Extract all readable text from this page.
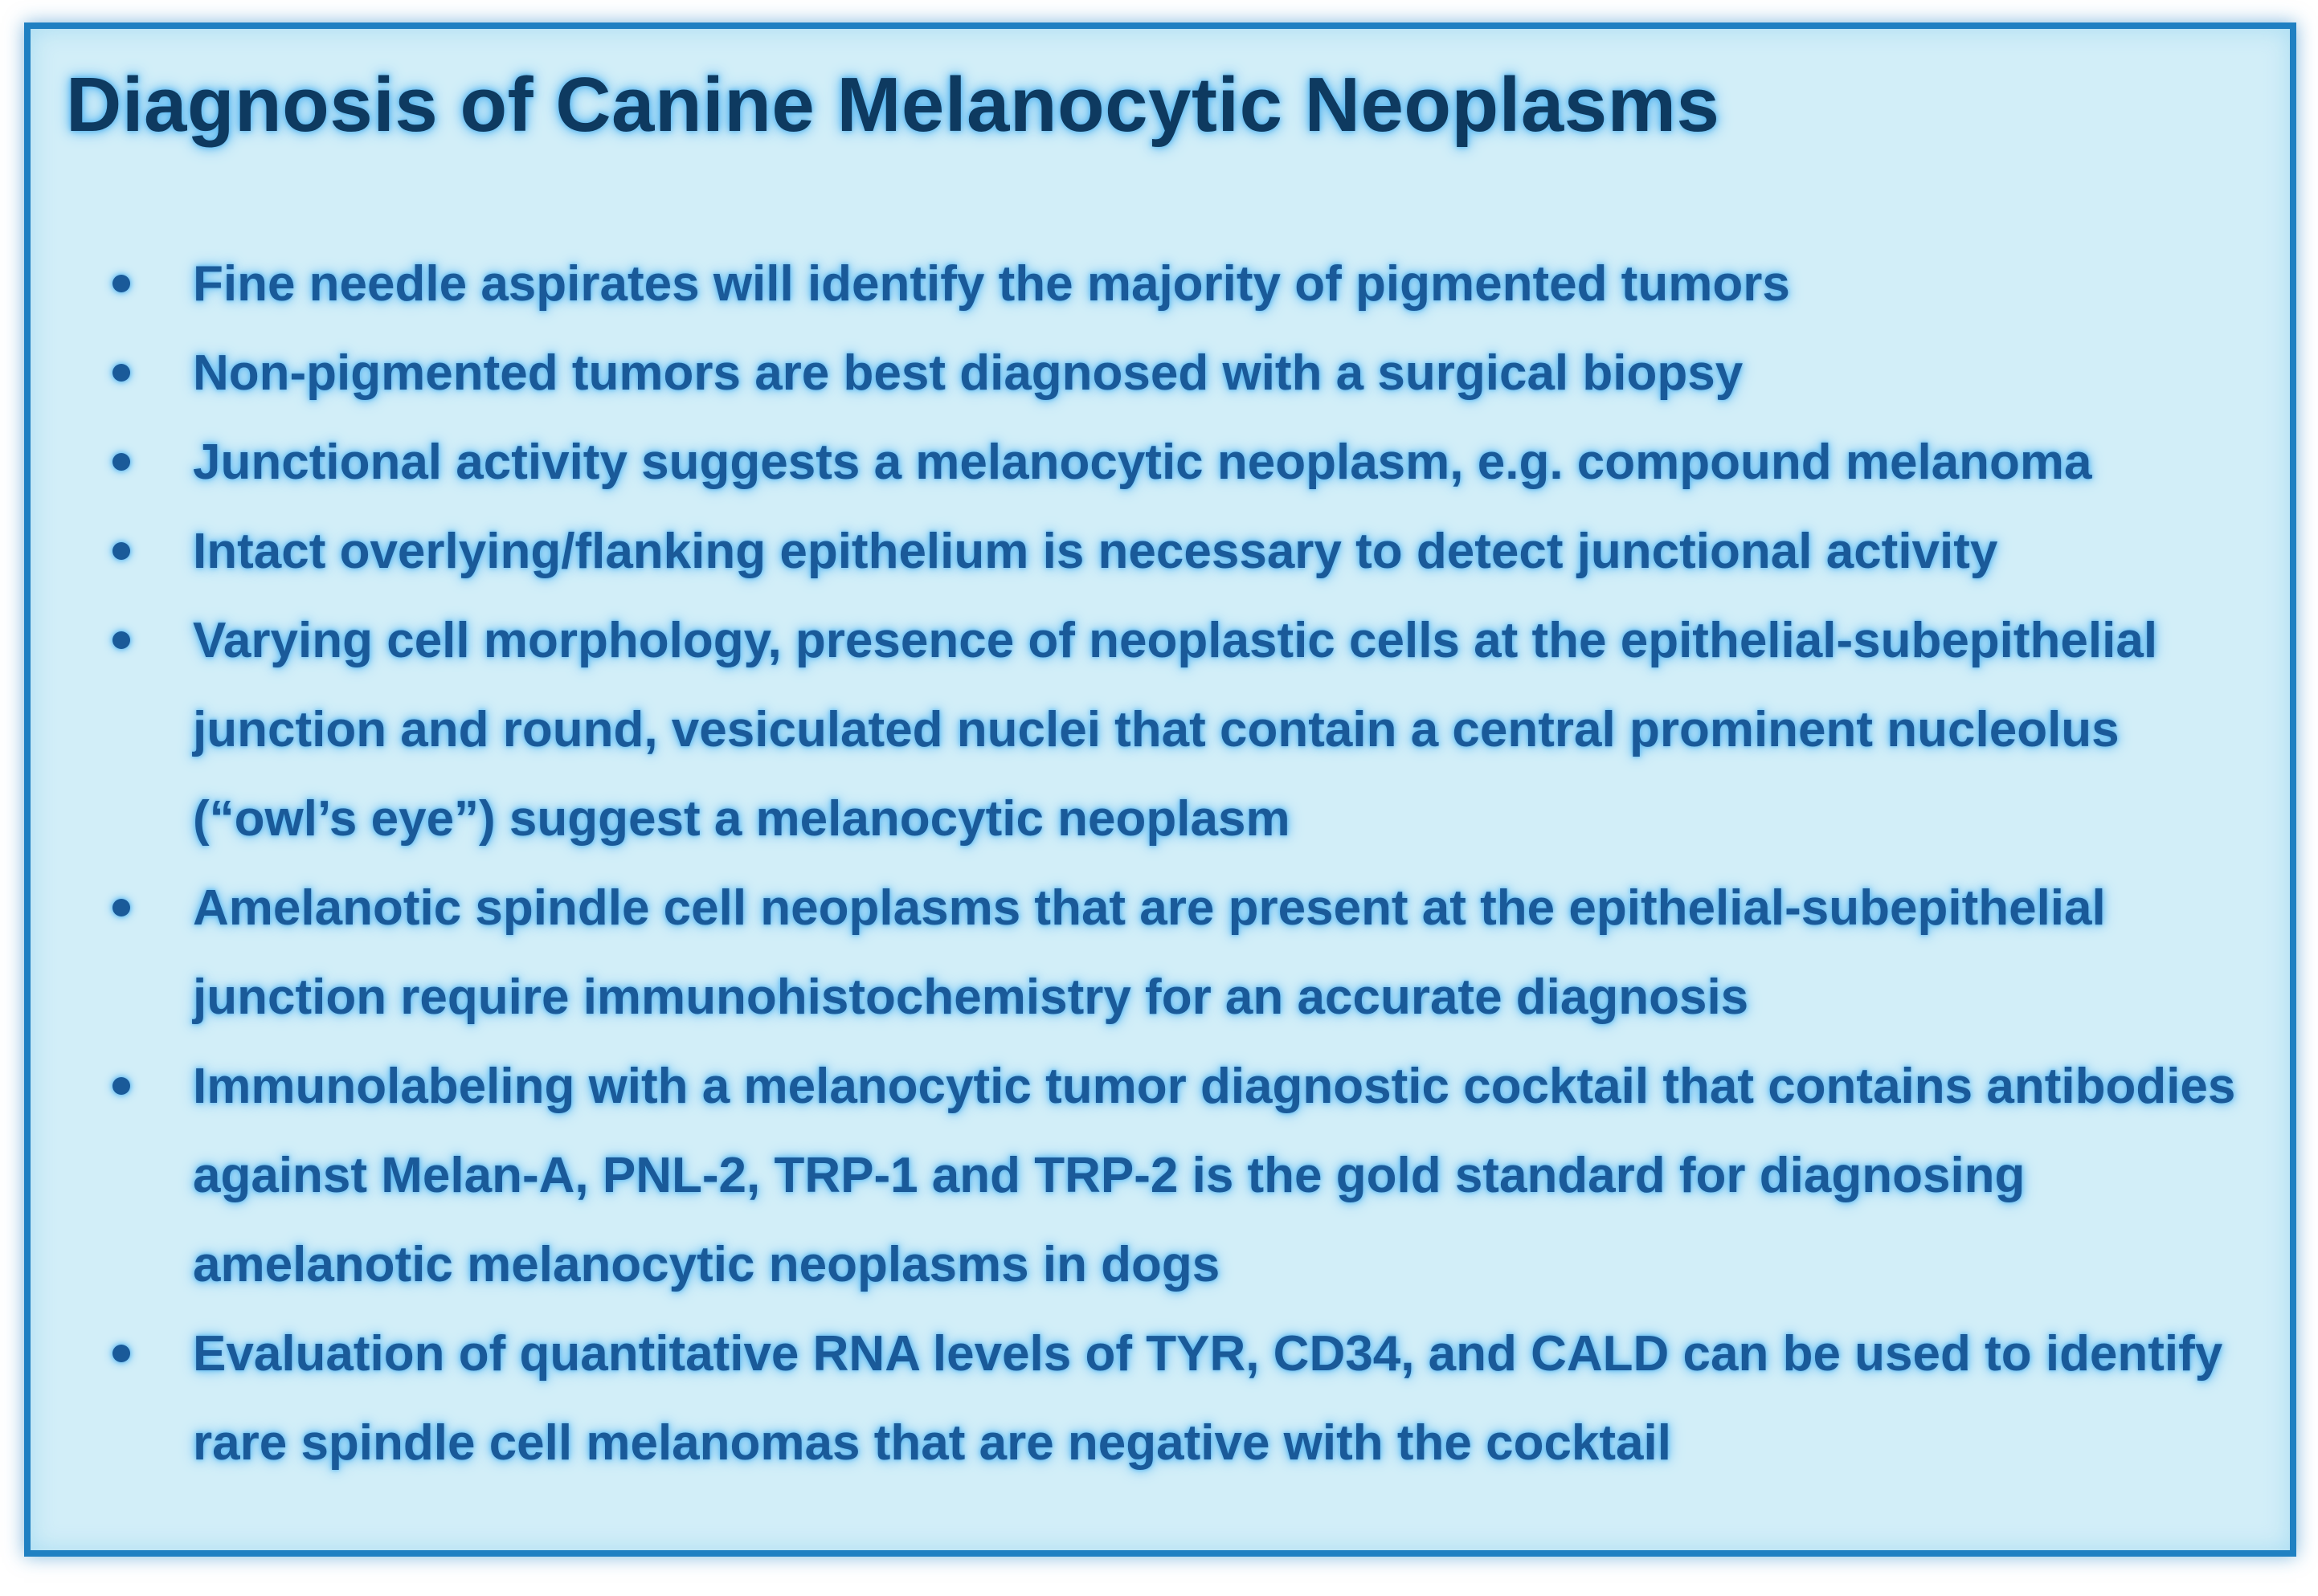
Diagnosis of Canine Melanocytic Neoplasms
Fine needle aspirates will identify the majority of pigmented tumors
Non-pigmented tumors are best diagnosed with a surgical biopsy
Junctional activity suggests a melanocytic neoplasm, e.g. compound melanoma
Intact overlying/flanking epithelium is necessary to detect junctional activity
Varying cell morphology, presence of neoplastic cells at the epithelial-subepithelial junction and round, vesiculated nuclei that contain a central prominent nucleolus (“owl’s eye”) suggest a melanocytic neoplasm
Amelanotic spindle cell neoplasms that are present at the epithelial-subepithelial junction require immunohistochemistry for an accurate diagnosis
Immunolabeling with a melanocytic tumor diagnostic cocktail that contains antibodies against Melan-A, PNL-2, TRP-1 and TRP-2 is the gold standard for diagnosing amelanotic melanocytic neoplasms in dogs
Evaluation of quantitative RNA levels of TYR, CD34, and CALD can be used to identify rare spindle cell melanomas that are negative with the cocktail
